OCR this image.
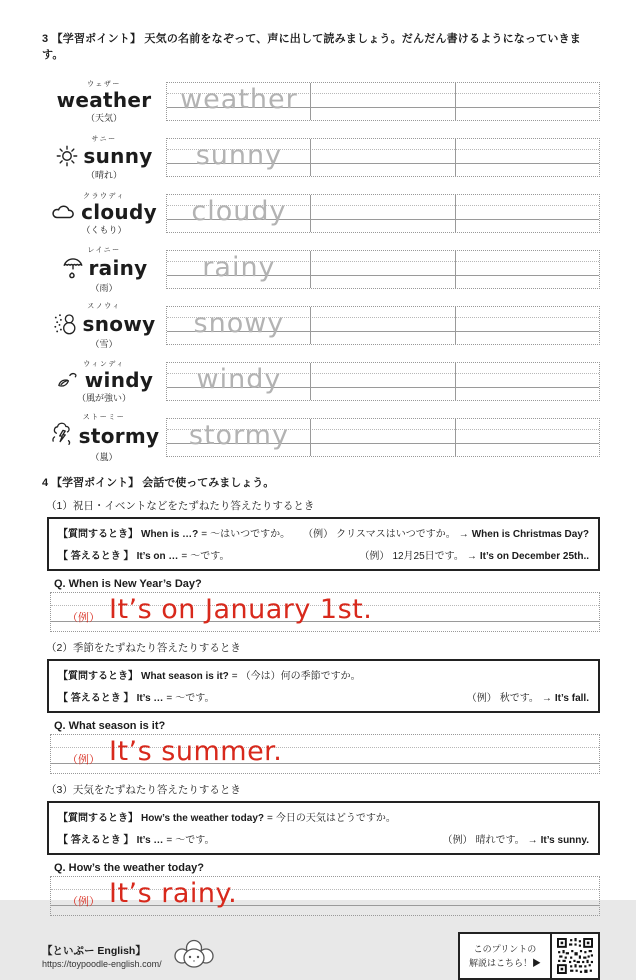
3 【学習ポイント】 天気の名前をなぞって、声に出して読みましょう。だんだん書けるようになっていきます。
ウェザー
weather
（天気）
weather
サニー
sunny
（晴れ）
sunny
クラウディ
cloudy
（くもり）
cloudy
レイニー
rainy
（雨）
rainy
スノウィ
snowy
（雪）
snowy
ウィンディ
windy
（風が強い）
windy
ストーミー
stormy
（嵐）
stormy
4 【学習ポイント】 会話で使ってみましょう。
（1）祝日・イベントなどをたずねたり答えたりするとき
【質問するとき】 When is …? = ～はいつですか。 （例） クリスマスはいつですか。 → When is Christmas Day?
【 答えるとき 】 It’s on … = ～です。	（例） 12月25日です。 → It’s on December 25th..
Q. When is New Year’s Day?
（例） It’s on January 1st.
（2）季節をたずねたり答えたりするとき
【質問するとき】 What season is it? = （今は）何の季節ですか。
【 答えるとき 】 It’s … = ～です。	（例） 秋です。 → It’s fall.
Q. What season is it?
（例） It’s summer.
（3）天気をたずねたり答えたりするとき
【質問するとき】 How’s the weather today? = 今日の天気はどうですか。
【 答えるとき 】 It’s … = ～です。	（例） 晴れです。 → It’s sunny.
Q. How’s the weather today?
（例） It’s rainy.
【といぷー English】
https://toypoodle-english.com/
このプリントの
解説はこちら！▶
